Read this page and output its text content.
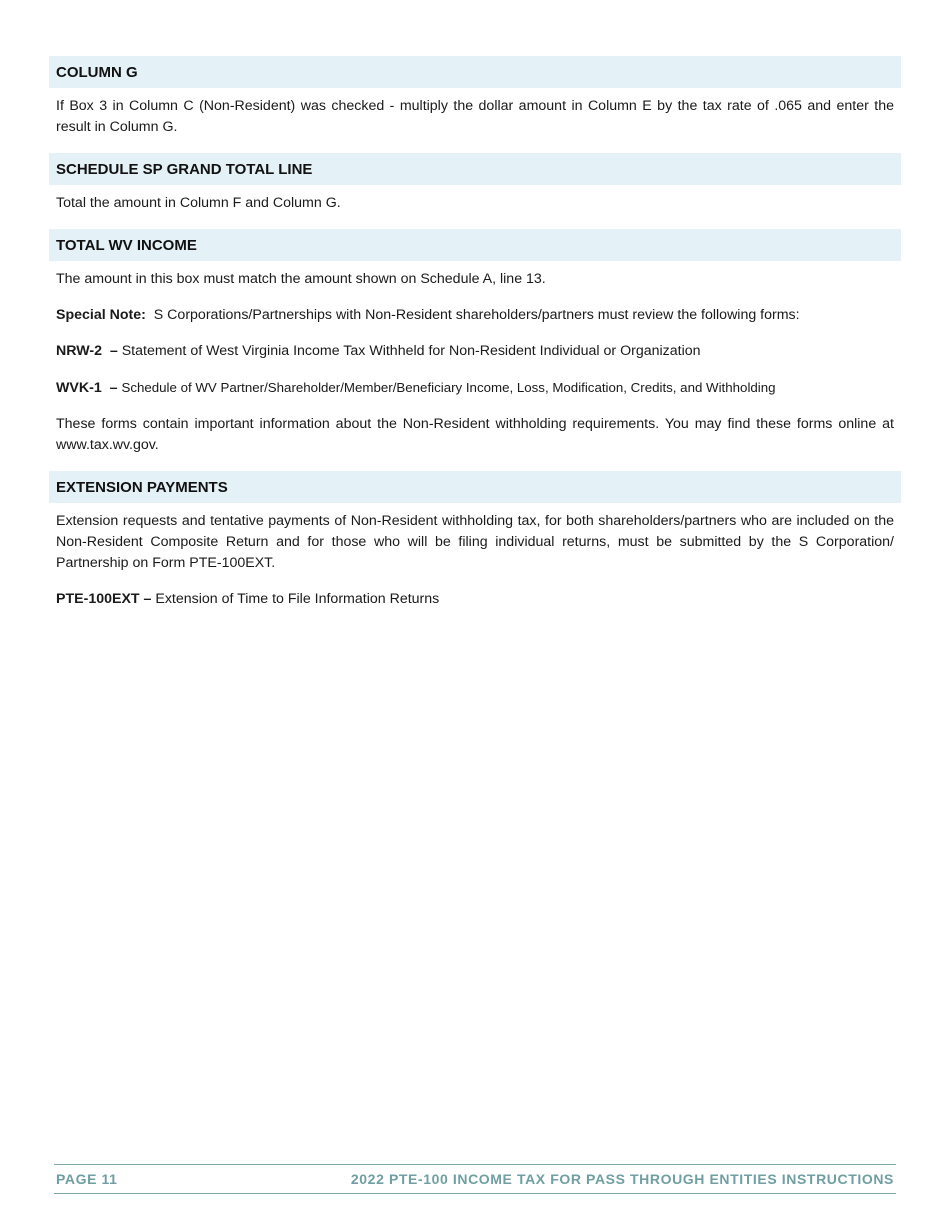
COLUMN G

If Box 3 in Column C (Non-Resident) was checked - multiply the dollar amount in Column E by the tax rate of .065 and enter the result in Column G.

SCHEDULE SP GRAND TOTAL LINE

Total the amount in Column F and Column G.

TOTAL WV INCOME

The amount in this box must match the amount shown on Schedule A, line 13.

Special Note: S Corporations/Partnerships with Non-Resident shareholders/partners must review the following forms:

NRW-2 – Statement of West Virginia Income Tax Withheld for Non-Resident Individual or Organization

WVK-1 – Schedule of WV Partner/Shareholder/Member/Beneficiary Income, Loss, Modification, Credits, and Withholding

These forms contain important information about the Non-Resident withholding requirements. You may find these forms online at www.tax.wv.gov.

EXTENSION PAYMENTS

Extension requests and tentative payments of Non-Resident withholding tax, for both shareholders/partners who are included on the Non-Resident Composite Return and for those who will be filing individual returns, must be submitted by the S Corporation/ Partnership on Form PTE-100EXT.

PTE-100EXT – Extension of Time to File Information Returns

PAGE 11	2022 PTE-100 INCOME TAX FOR PASS THROUGH ENTITIES INSTRUCTIONS
